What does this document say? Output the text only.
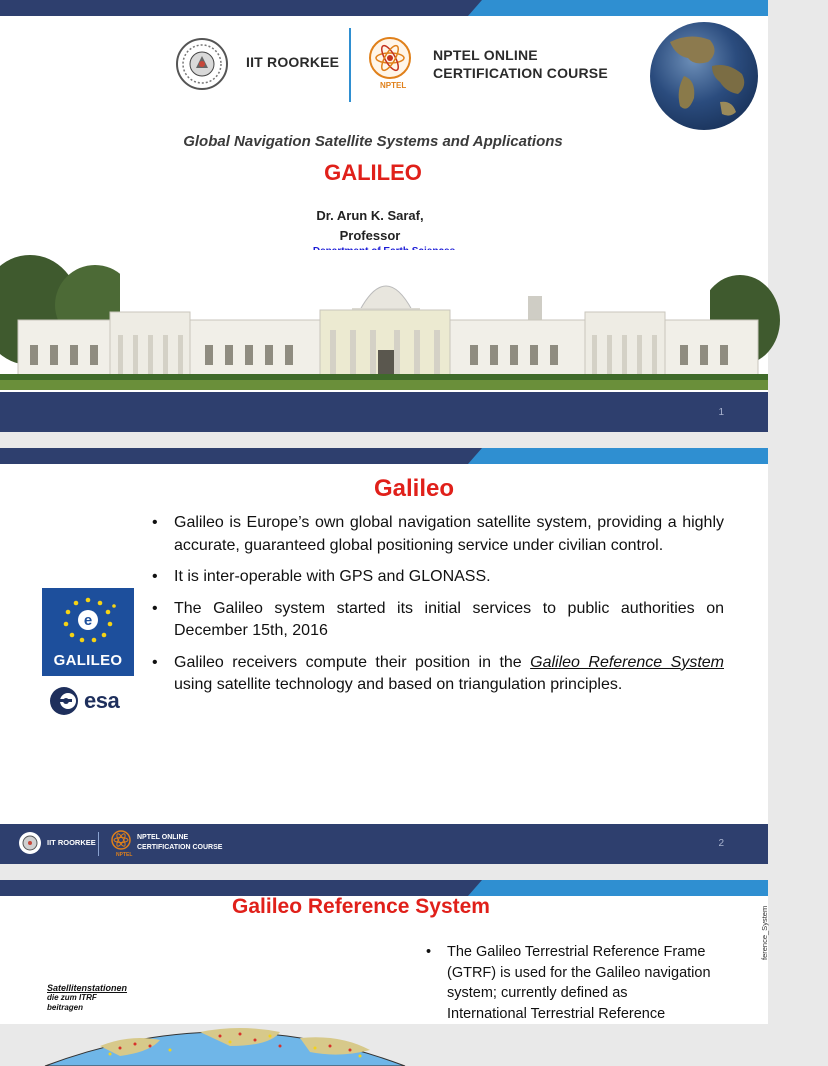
IIT ROORKEE
NPTEL
NPTEL ONLINE
CERTIFICATION COURSE
Global Navigation Satellite Systems and Applications
GALILEO
Dr. Arun K. Saraf,
Professor
1
Galileo
• Galileo is Europe’s own global navigation satellite system, providing a highly accurate, guaranteed global positioning service under civilian control.
• It is inter-operable with GPS and GLONASS.
• The Galileo system started its initial services to public authorities on December 15th, 2016
• Galileo receivers compute their position in the Galileo Reference System using satellite technology and based on triangulation principles.
e
GALILEO
esa
IIT ROORKEE
NPTEL ONLINE
CERTIFICATION COURSE
NPTEL
2
Galileo Reference System
• The Galileo Terrestrial Reference Frame
(GTRF) is used for the Galileo navigation
system; currently defined as
International Terrestrial Reference
Satellitenstationen
die zum ITRF
beitragen
ference_System
